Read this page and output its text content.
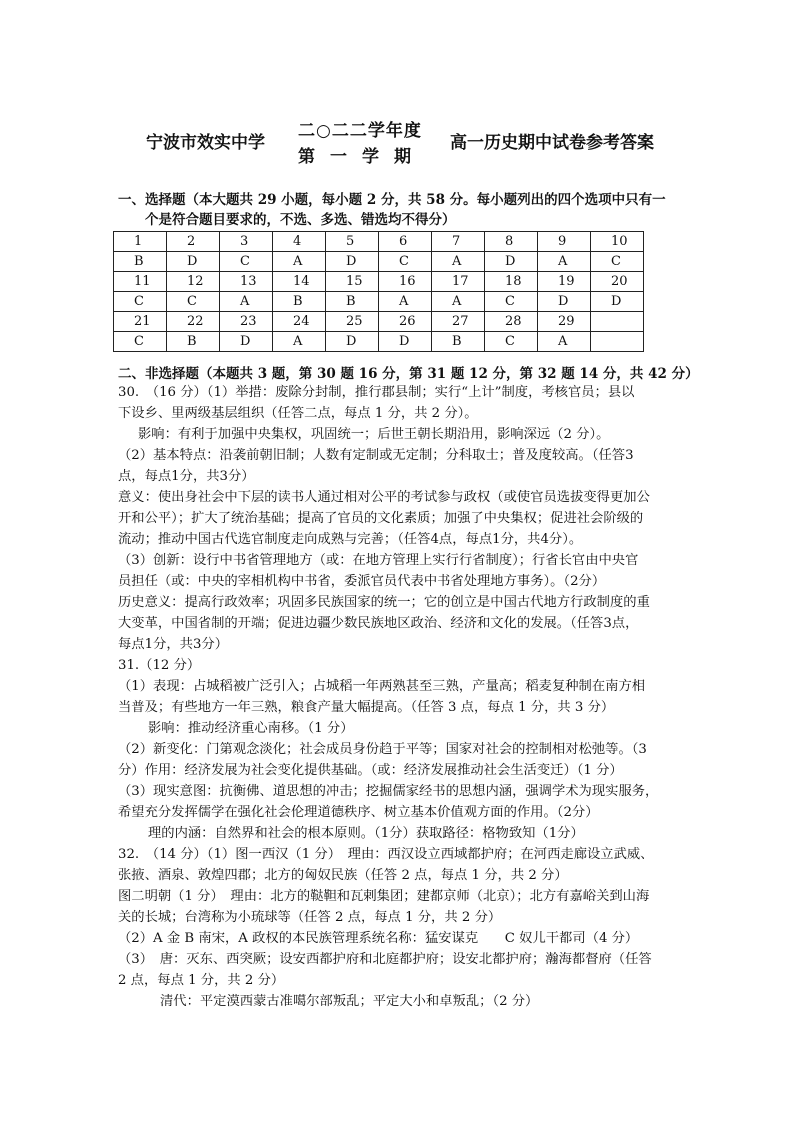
宁波市效实中学
二○二二学年度
第一学期
高一历史期中试卷参考答案
一、选择题（本大题共 29 小题，每小题 2 分，共 58 分。每小题列出的四个选项中只有一
个是符合题目要求的，不选、多选、错选均不得分）
1	2	3	4	5	6	7	8	9	10
B	D	C	A	D	C	A	D	A	C
11	12	13	14	15	16	17	18	19	20
C	C	A	B	B	A	A	C	D	D
21	22	23	24	25	26	27	28	29	
C	B	D	A	D	D	B	C	A	
二、非选择题（本题共 3 题，第 30 题 16 分，第 31 题 12 分，第 32 题 14 分，共 42 分）

30.　（16 分）（1）举措：废除分封制，推行郡县制；实行“上计”制度，考核官员；县以

下设乡、里两级基层组织（任答二点，每点 1 分，共 2 分）。

影响：有利于加强中央集权，巩固统一；后世王朝长期沿用，影响深远（2 分）。

（2）基本特点：沿袭前朝旧制；人数有定制或无定制；分科取士；普及度较高。（任答3

点，每点1分，共3分）

意义：使出身社会中下层的读书人通过相对公平的考试参与政权（或使官员选拔变得更加公

开和公平）；扩大了统治基础；提高了官员的文化素质；加强了中央集权；促进社会阶级的

流动；推动中国古代选官制度走向成熟与完善；（任答4点，每点1分，共4分）。

（3）创新：设行中书省管理地方（或：在地方管理上实行行省制度）；行省长官由中央官

员担任（或：中央的宰相机构中书省，委派官员代表中书省处理地方事务）。（2分）

历史意义：提高行政效率；巩固多民族国家的统一；它的创立是中国古代地方行政制度的重

大变革，中国省制的开端；促进边疆少数民族地区政治、经济和文化的发展。（任答3点，

每点1分，共3分）

31.（12 分）

（1）表现：占城稻被广泛引入；占城稻一年两熟甚至三熟，产量高；稻麦复种制在南方相

当普及；有些地方一年三熟，粮食产量大幅提高。（任答 3 点，每点 1 分，共 3 分）

影响：推动经济重心南移。（1 分）

（2）新变化：门第观念淡化；社会成员身份趋于平等；国家对社会的控制相对松弛等。（3

分）作用：经济发展为社会变化提供基础。（或：经济发展推动社会生活变迁）（1 分）

（3）现实意图：抗衡佛、道思想的冲击；挖掘儒家经书的思想内涵，强调学术为现实服务，

希望充分发挥儒学在强化社会伦理道德秩序、树立基本价值观方面的作用。（2分）

理的内涵：自然界和社会的根本原则。（1分）获取路径：格物致知（1分）

32.　（14 分）（1）图一西汉（1 分）　理由：西汉设立西域都护府；在河西走廊设立武威、

张掖、酒泉、敦煌四郡；北方的匈奴民族（任答 2 点，每点 1 分，共 2 分）

图二明朝（1 分）　理由：北方的鞑靼和瓦剌集团；建都京师（北京）；北方有嘉峪关到山海

关的长城；台湾称为小琉球等（任答 2 点，每点 1 分，共 2 分）

（2）A 金 B 南宋，A 政权的本民族管理系统名称：猛安谋克　　C 奴儿干都司（4 分）

（3）　唐：灭东、西突厥；设安西都护府和北庭都护府；设安北都护府；瀚海都督府（任答

2 点，每点 1 分，共 2 分）

清代：平定漠西蒙古准噶尔部叛乱；平定大小和卓叛乱；（2 分）
